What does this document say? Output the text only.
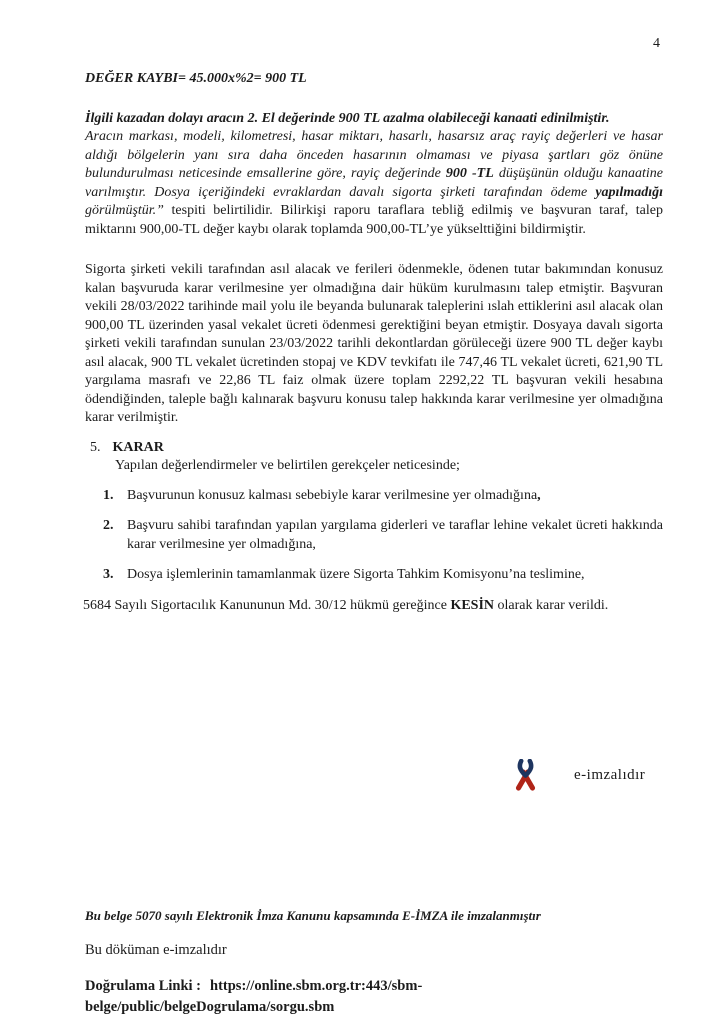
4

DEĞER KAYBI= 45.000x%2= 900 TL

İlgili kazadan dolayı aracın 2. El değerinde 900 TL azalma olabileceği kanaati edinilmiştir.

Aracın markası, modeli, kilometresi, hasar miktarı, hasarlı, hasarsız araç rayiç değerleri ve hasar aldığı bölgelerin yanı sıra daha önceden hasarının olmaması ve piyasa şartları göz önüne bulundurulması neticesinde emsallerine göre, rayiç değerinde 900 -TL düşüşünün olduğu kanaatine varılmıştır. Dosya içeriğindeki evraklardan davalı sigorta şirketi tarafından ödeme yapılmadığı görülmüştür.” tespiti belirtilidir. Bilirkişi raporu taraflara tebliğ edilmiş ve başvuran taraf, talep miktarını 900,00-TL değer kaybı olarak toplamda 900,00-TL’ye yükselttiğini bildirmiştir.

Sigorta şirketi vekili tarafından asıl alacak ve ferileri ödenmekle, ödenen tutar bakımından konusuz kalan başvuruda karar verilmesine yer olmadığına dair hüküm kurulmasını talep etmiştir. Başvuran vekili 28/03/2022 tarihinde mail yolu ile beyanda bulunarak taleplerini ıslah ettiklerini asıl alacak olan 900,00 TL üzerinden yasal vekalet ücreti ödenmesi gerektiğini beyan etmiştir. Dosyaya davalı sigorta şirketi vekili tarafından sunulan 23/03/2022 tarihli dekontlardan görüleceği üzere 900 TL değer kaybı asıl alacak, 900 TL vekalet ücretinden stopaj ve KDV tevkifatı ile 747,46 TL vekalet ücreti, 621,90 TL yargılama masrafı ve 22,86 TL faiz olmak üzere toplam 2292,22 TL başvuran vekili hesabına ödendiğinden, taleple bağlı kalınarak başvuru konusu talep hakkında karar verilmesine yer olmadığına karar verilmiştir.

5. KARAR

Yapılan değerlendirmeler ve belirtilen gerekçeler neticesinde;

1. Başvurunun konusuz kalması sebebiyle karar verilmesine yer olmadığına,
2. Başvuru sahibi tarafından yapılan yargılama giderleri ve taraflar lehine vekalet ücreti hakkında karar verilmesine yer olmadığına,
3. Dosya işlemlerinin tamamlanmak üzere Sigorta Tahkim Komisyonu’na teslimine,

5684 Sayılı Sigortacılık Kanununun Md. 30/12 hükmü gereğince KESİN olarak karar verildi.

e-imzalıdır

Bu belge 5070 sayılı Elektronik İmza Kanunu kapsamında E-İMZA ile imzalanmıştır

Bu döküman e-imzalıdır

Doğrulama Linki : https://online.sbm.org.tr:443/sbm-
belge/public/belgeDogrulama/sorgu.sbm
